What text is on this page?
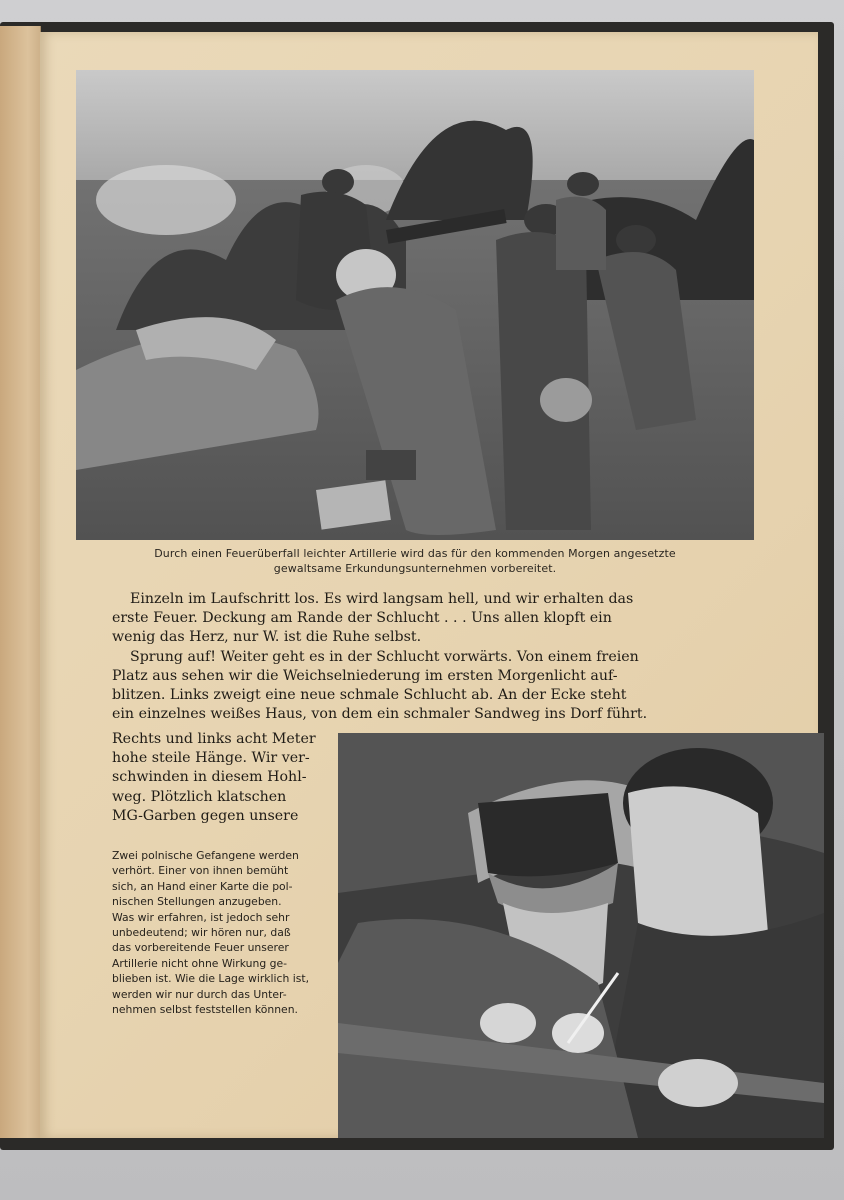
Durch einen Feuerüberfall leichter Artillerie wird das für den kommenden Morgen angesetzte
gewaltsame Erkundungsunternehmen vorbereitet.
Einzeln im Laufschritt los. Es wird langsam hell, und wir erhalten das
erste Feuer. Deckung am Rande der Schlucht . . . Uns allen klopft ein
wenig das Herz, nur W. ist die Ruhe selbst.
Sprung auf! Weiter geht es in der Schlucht vorwärts. Von einem freien
Platz aus sehen wir die Weichselniederung im ersten Morgenlicht auf-
blitzen. Links zweigt eine neue schmale Schlucht ab. An der Ecke steht
ein einzelnes weißes Haus, von dem ein schmaler Sandweg ins Dorf führt.
Rechts und links acht Meter
hohe steile Hänge. Wir ver-
schwinden in diesem Hohl-
weg. Plötzlich klatschen
MG-Garben gegen unsere
Zwei polnische Gefangene werden
verhört. Einer von ihnen bemüht
sich, an Hand einer Karte die pol-
nischen Stellungen anzugeben.
Was wir erfahren, ist jedoch sehr
unbedeutend; wir hören nur, daß
das vorbereitende Feuer unserer
Artillerie nicht ohne Wirkung ge-
blieben ist. Wie die Lage wirklich ist,
werden wir nur durch das Unter-
nehmen selbst feststellen können.
